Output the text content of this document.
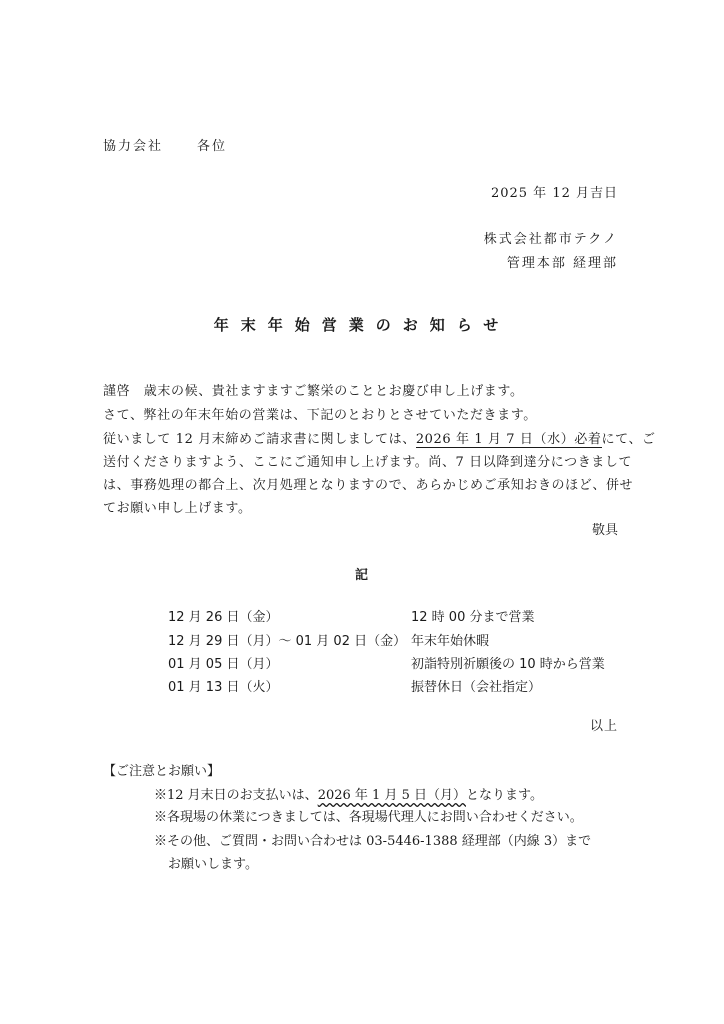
協力会社	各位
2025 年 12 月吉日
株式会社都市テクノ
管理本部 経理部
年末年始営業のお知らせ
謹啓　歳末の候、貴社ますますご繁栄のこととお慶び申し上げます。
さて、弊社の年末年始の営業は、下記のとおりとさせていただきます。
従いまして 12 月末締めご請求書に関しましては、2026 年 1 月 7 日（水）必着にて、ご
送付くださりますよう、ここにご通知申し上げます。尚、7 日以降到達分につきまして
は、事務処理の都合上、次月処理となりますので、あらかじめご承知おきのほど、併せ
てお願い申し上げます。
敬具
記
12 月 26 日（金）	12 時 00 分まで営業
12 月 29 日（月）～ 01 月 02 日（金） 年末年始休暇
01 月 05 日（月）	初詣特別祈願後の 10 時から営業
01 月 13 日（火）	振替休日（会社指定）
以上
【ご注意とお願い】
※12 月末日のお支払いは、2026 年 1 月 5 日（月）となります。
※各現場の休業につきましては、各現場代理人にお問い合わせください。
※その他、ご質問・お問い合わせは 03-5446-1388 経理部（内線 3）まで
お願いします。
